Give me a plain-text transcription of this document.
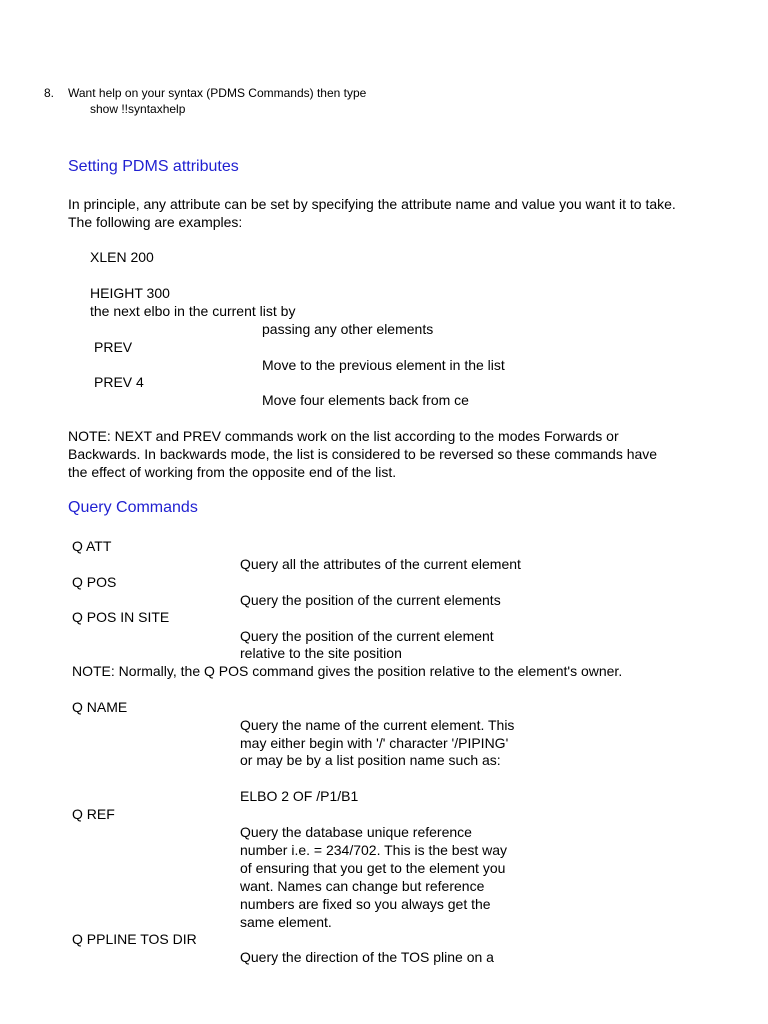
8. Want help on your syntax (PDMS Commands) then type
show !!syntaxhelp
Setting PDMS attributes
In principle, any attribute can be set by specifying the attribute name and value you want it to take.
The following are examples:
XLEN 200
HEIGHT 300
the next elbo in the current list by
passing any other elements
PREV
Move to the previous element in the list
PREV 4
Move four elements back from ce
NOTE: NEXT and PREV commands work on the list according to the modes Forwards or
Backwards. In backwards mode, the list is considered to be reversed so these commands have
the effect of working from the opposite end of the list.
Query Commands
Q ATT
Query all the attributes of the current element
Q POS
Query the position of the current elements
Q POS IN SITE
Query the position of the current element
relative to the site position
NOTE: Normally, the Q POS command gives the position relative to the element's owner.
Q NAME
Query the name of the current element. This
may either begin with '/' character '/PIPING'
or may be by a list position name such as:
ELBO 2 OF /P1/B1
Q REF
Query the database unique reference
number i.e. = 234/702. This is the best way
of ensuring that you get to the element you
want. Names can change but reference
numbers are fixed so you always get the
same element.
Q PPLINE TOS DIR
Query the direction of the TOS pline on a
